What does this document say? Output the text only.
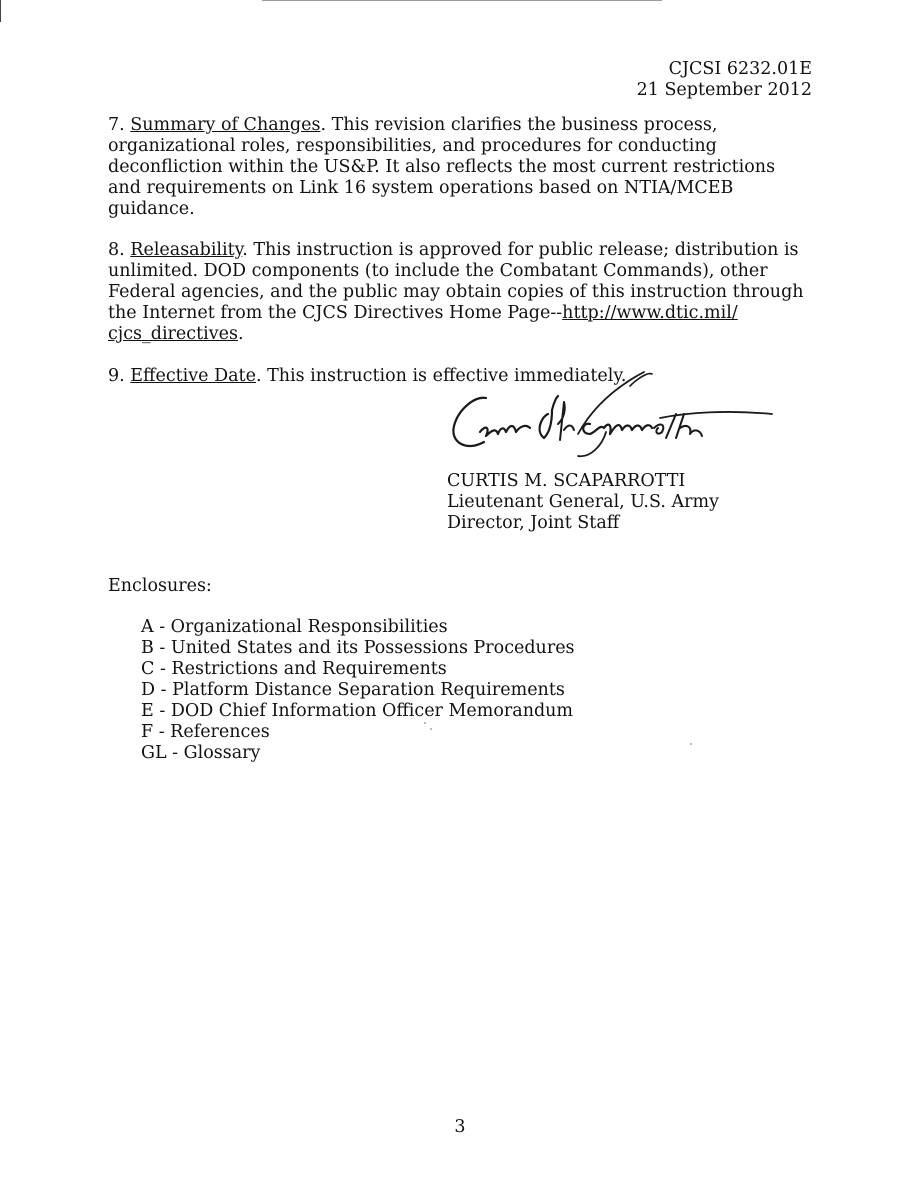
CJCSI 6232.01E
21 September 2012

7. Summary of Changes. This revision clarifies the business process, organizational roles, responsibilities, and procedures for conducting deconfliction within the US&P. It also reflects the most current restrictions and requirements on Link 16 system operations based on NTIA/MCEB guidance.

8. Releasability. This instruction is approved for public release; distribution is unlimited. DOD components (to include the Combatant Commands), other Federal agencies, and the public may obtain copies of this instruction through the Internet from the CJCS Directives Home Page--http://www.dtic.mil/ cjcs_directives.

9. Effective Date. This instruction is effective immediately.

CURTIS M. SCAPARROTTI
Lieutenant General, U.S. Army
Director, Joint Staff
Enclosures:
A - Organizational Responsibilities
B - United States and its Possessions Procedures
C - Restrictions and Requirements
D - Platform Distance Separation Requirements
E - DOD Chief Information Officer Memorandum
F - References
GL - Glossary
3
